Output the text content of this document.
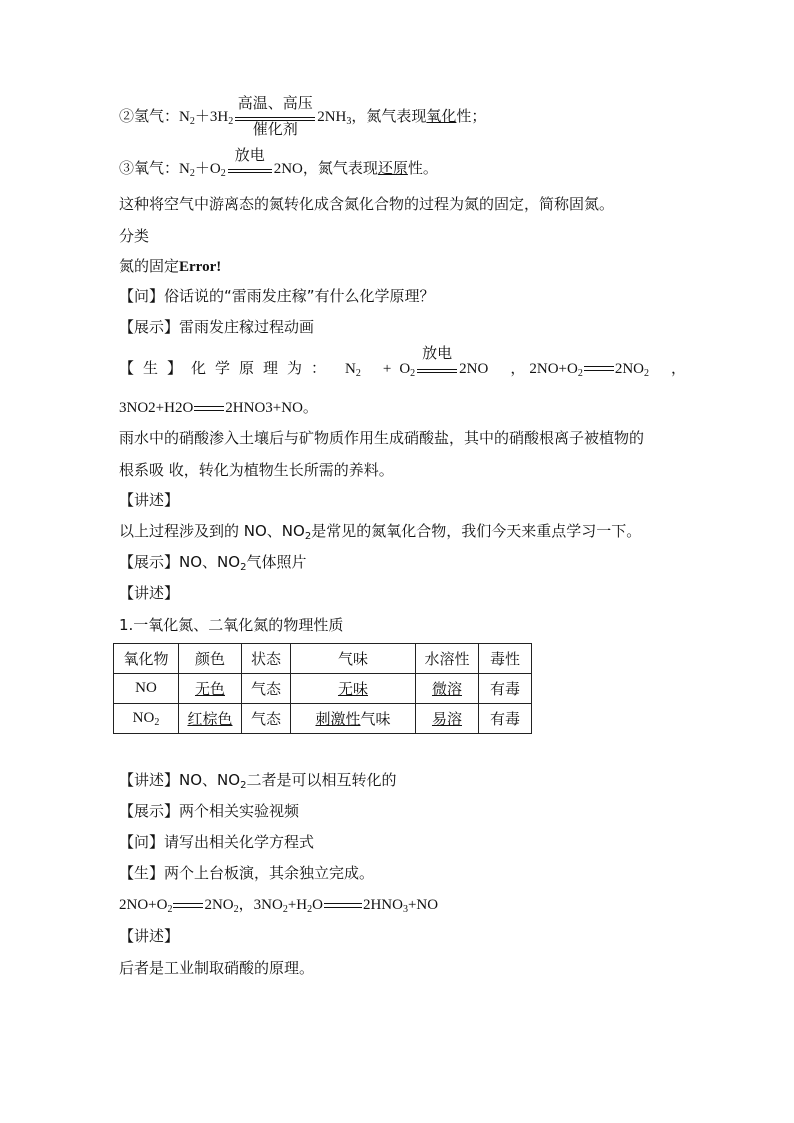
②氢气：$N_2+3H_2$
高温、高压
催化剂
$2NH_3$，氮气表现氧化性；
③氧气：$N_2+O_2$
放电
2NO，氮气表现还原性。
这种将空气中游离态的氮转化成含氮化合物的过程为氮的固定，简称固氮。
分类
氮的固定Error!
【问】俗话说的“雷雨发庄稼”有什么化学原理？
【展示】雷雨发庄稼过程动画
【生】化学原理为： $N_2 + O_2$
放电
2NO ， $2NO+O_2$ $2NO_2$ ，
3NO2+H2O 2HNO3+NO。
雨水中的硝酸渗入土壤后与矿物质作用生成硝酸盐，其中的硝酸根离子被植物的
根系吸 收，转化为植物生长所需的养料。
【讲述】
以上过程涉及到的 NO、$NO_2$是常见的氮氧化合物，我们今天来重点学习一下。
【展示】NO、$NO_2$气体照片
【讲述】
1.一氧化氮、二氧化氮的物理性质
氧化物	颜色	状态	气味	水溶性	毒性
NO	无色	气态	无味	微溶	有毒
$NO_2$	红棕色	气态	刺激性气味	易溶	有毒
【讲述】NO、$NO_2$二者是可以相互转化的
【展示】两个相关实验视频
【问】请写出相关化学方程式
【生】两个上台板演，其余独立完成。
$2NO+O_2$ $2NO_2$，$3NO_2+H_2O$	$2HNO_3+NO$
【讲述】
后者是工业制取硝酸的原理。
